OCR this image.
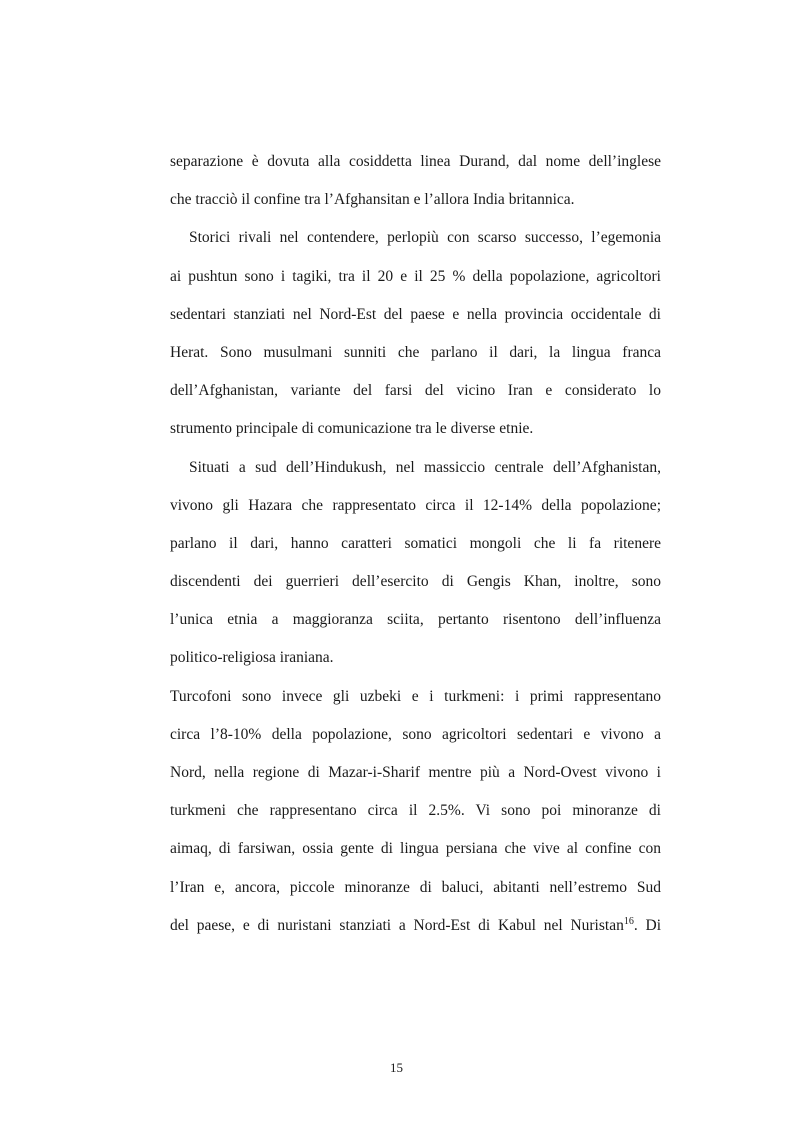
separazione è dovuta alla cosiddetta linea Durand, dal nome dell’inglese
che tracciò il confine tra l’Afghansitan e l’allora India britannica.
Storici rivali nel contendere, perlopiù con scarso successo, l’egemonia
ai pushtun sono i tagiki, tra il 20 e il 25 % della popolazione, agricoltori
sedentari stanziati nel Nord-Est del paese e nella provincia occidentale di
Herat. Sono musulmani sunniti che parlano il dari, la lingua franca
dell’Afghanistan, variante del farsi del vicino Iran e considerato lo
strumento principale di comunicazione tra le diverse etnie.
Situati a sud dell’Hindukush, nel massiccio centrale dell’Afghanistan,
vivono gli Hazara che rappresentato circa il 12-14% della popolazione;
parlano il dari, hanno caratteri somatici mongoli che li fa ritenere
discendenti dei guerrieri dell’esercito di Gengis Khan, inoltre, sono
l’unica etnia a maggioranza sciita, pertanto risentono dell’influenza
politico-religiosa iraniana.
Turcofoni sono invece gli uzbeki e i turkmeni: i primi rappresentano
circa l’8-10% della popolazione, sono agricoltori sedentari e vivono a
Nord, nella regione di Mazar-i-Sharif mentre più a Nord-Ovest vivono i
turkmeni che rappresentano circa il 2.5%. Vi sono poi minoranze di
aimaq, di farsiwan, ossia gente di lingua persiana che vive al confine con
l’Iran e, ancora, piccole minoranze di baluci, abitanti nell’estremo Sud
del paese, e di nuristani stanziati a Nord-Est di Kabul nel Nuristan$^{16}$. Di
15
